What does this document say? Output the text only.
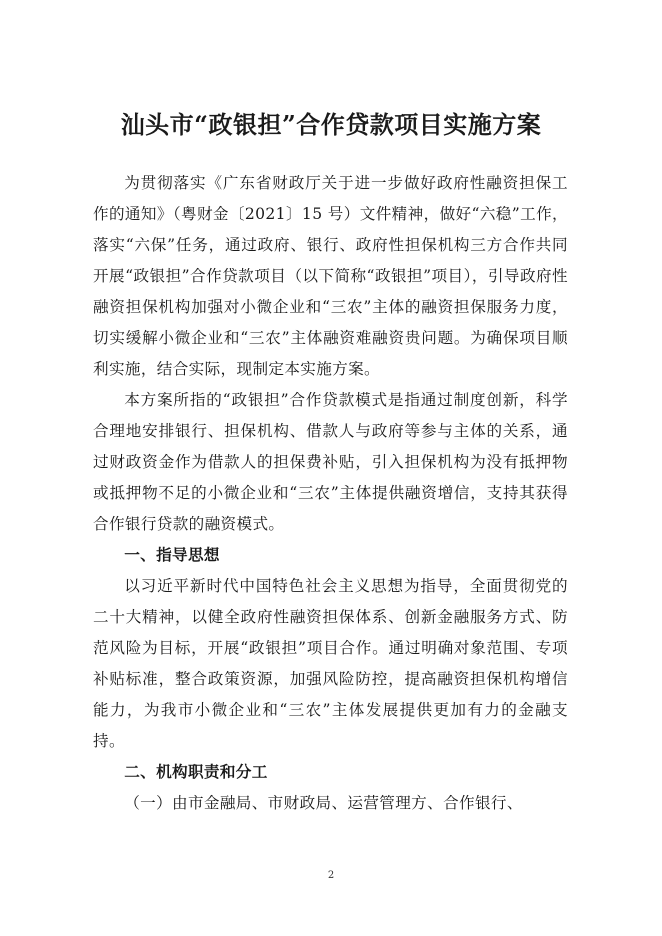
汕头市“政银担”合作贷款项目实施方案

为贯彻落实《广东省财政厅关于进一步做好政府性融资担保工作的通知》（粤财金〔2021〕15 号）文件精神，做好“六稳”工作，落实“六保”任务，通过政府、银行、政府性担保机构三方合作共同开展“政银担”合作贷款项目（以下简称“政银担”项目），引导政府性融资担保机构加强对小微企业和“三农”主体的融资担保服务力度，切实缓解小微企业和“三农”主体融资难融资贵问题。为确保项目顺利实施，结合实际，现制定本实施方案。

本方案所指的“政银担”合作贷款模式是指通过制度创新，科学合理地安排银行、担保机构、借款人与政府等参与主体的关系，通过财政资金作为借款人的担保费补贴，引入担保机构为没有抵押物或抵押物不足的小微企业和“三农”主体提供融资增信，支持其获得合作银行贷款的融资模式。

一、指导思想

以习近平新时代中国特色社会主义思想为指导，全面贯彻党的二十大精神，以健全政府性融资担保体系、创新金融服务方式、防范风险为目标，开展“政银担”项目合作。通过明确对象范围、专项补贴标准，整合政策资源，加强风险防控，提高融资担保机构增信能力，为我市小微企业和“三农”主体发展提供更加有力的金融支持。

二、机构职责和分工

（一）由市金融局、市财政局、运营管理方、合作银行、

2
